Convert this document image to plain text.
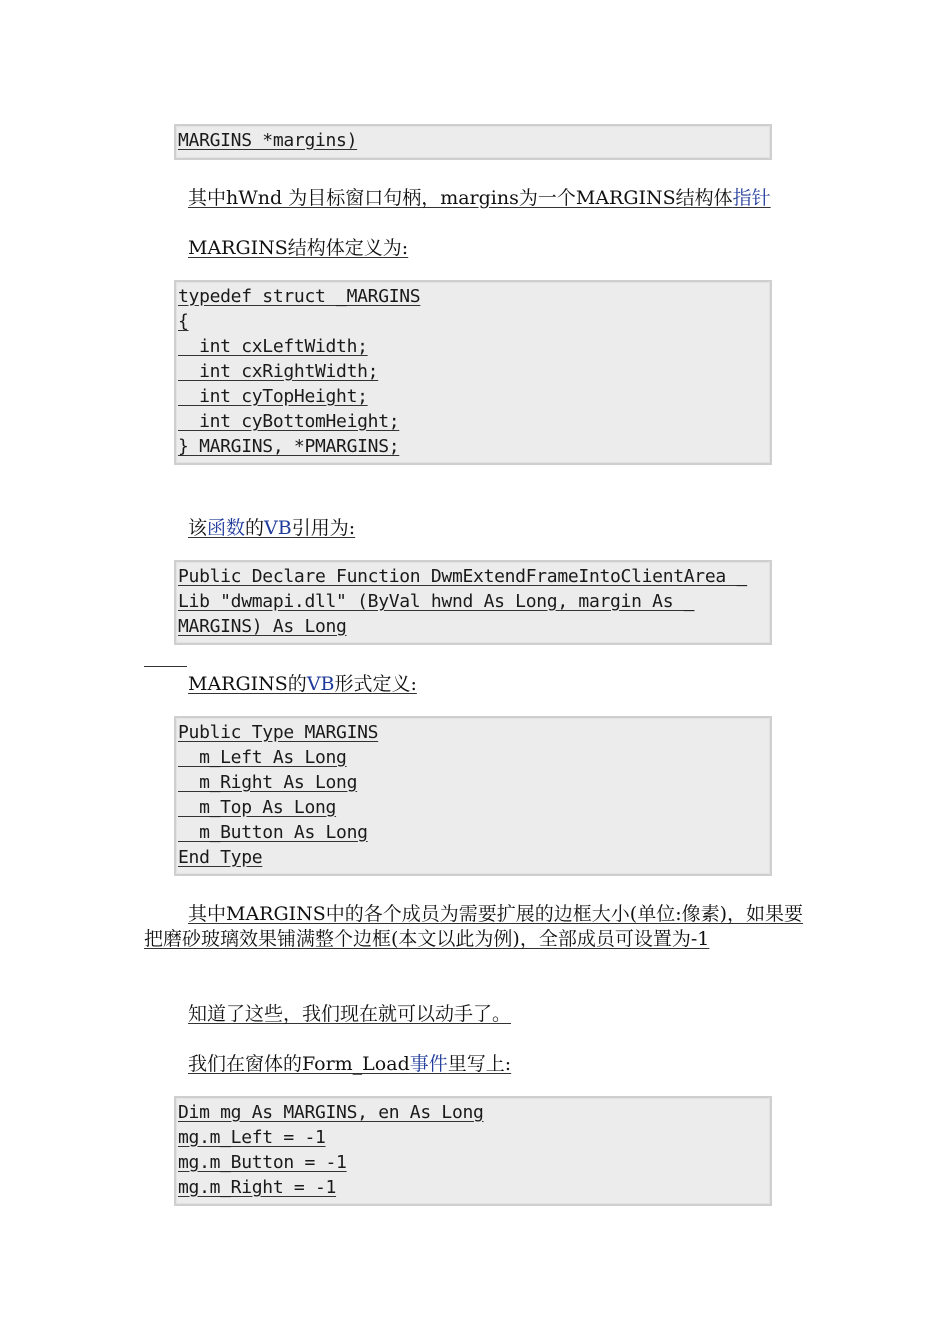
MARGINS *margins)
其中hWnd 为目标窗口句柄，margins为一个MARGINS结构体指针
MARGINS结构体定义为:
typedef struct _MARGINS
{
int cxLeftWidth;
int cxRightWidth;
int cyTopHeight;
int cyBottomHeight;
} MARGINS, *PMARGINS;
该函数的VB引用为:
Public Declare Function DwmExtendFrameIntoClientArea _
Lib "dwmapi.dll" (ByVal hwnd As Long, margin As _
MARGINS) As Long
MARGINS的VB形式定义:
Public Type MARGINS
m_Left As Long
m_Right As Long
m_Top As Long
m_Button As Long
End Type
其中MARGINS中的各个成员为需要扩展的边框大小(单位:像素)，如果要把磨砂玻璃效果铺满整个边框(本文以此为例)，全部成员可设置为-1
知道了这些，我们现在就可以动手了。
我们在窗体的Form_Load事件里写上:
Dim mg As MARGINS, en As Long
mg.m_Left = -1
mg.m_Button = -1
mg.m_Right = -1
